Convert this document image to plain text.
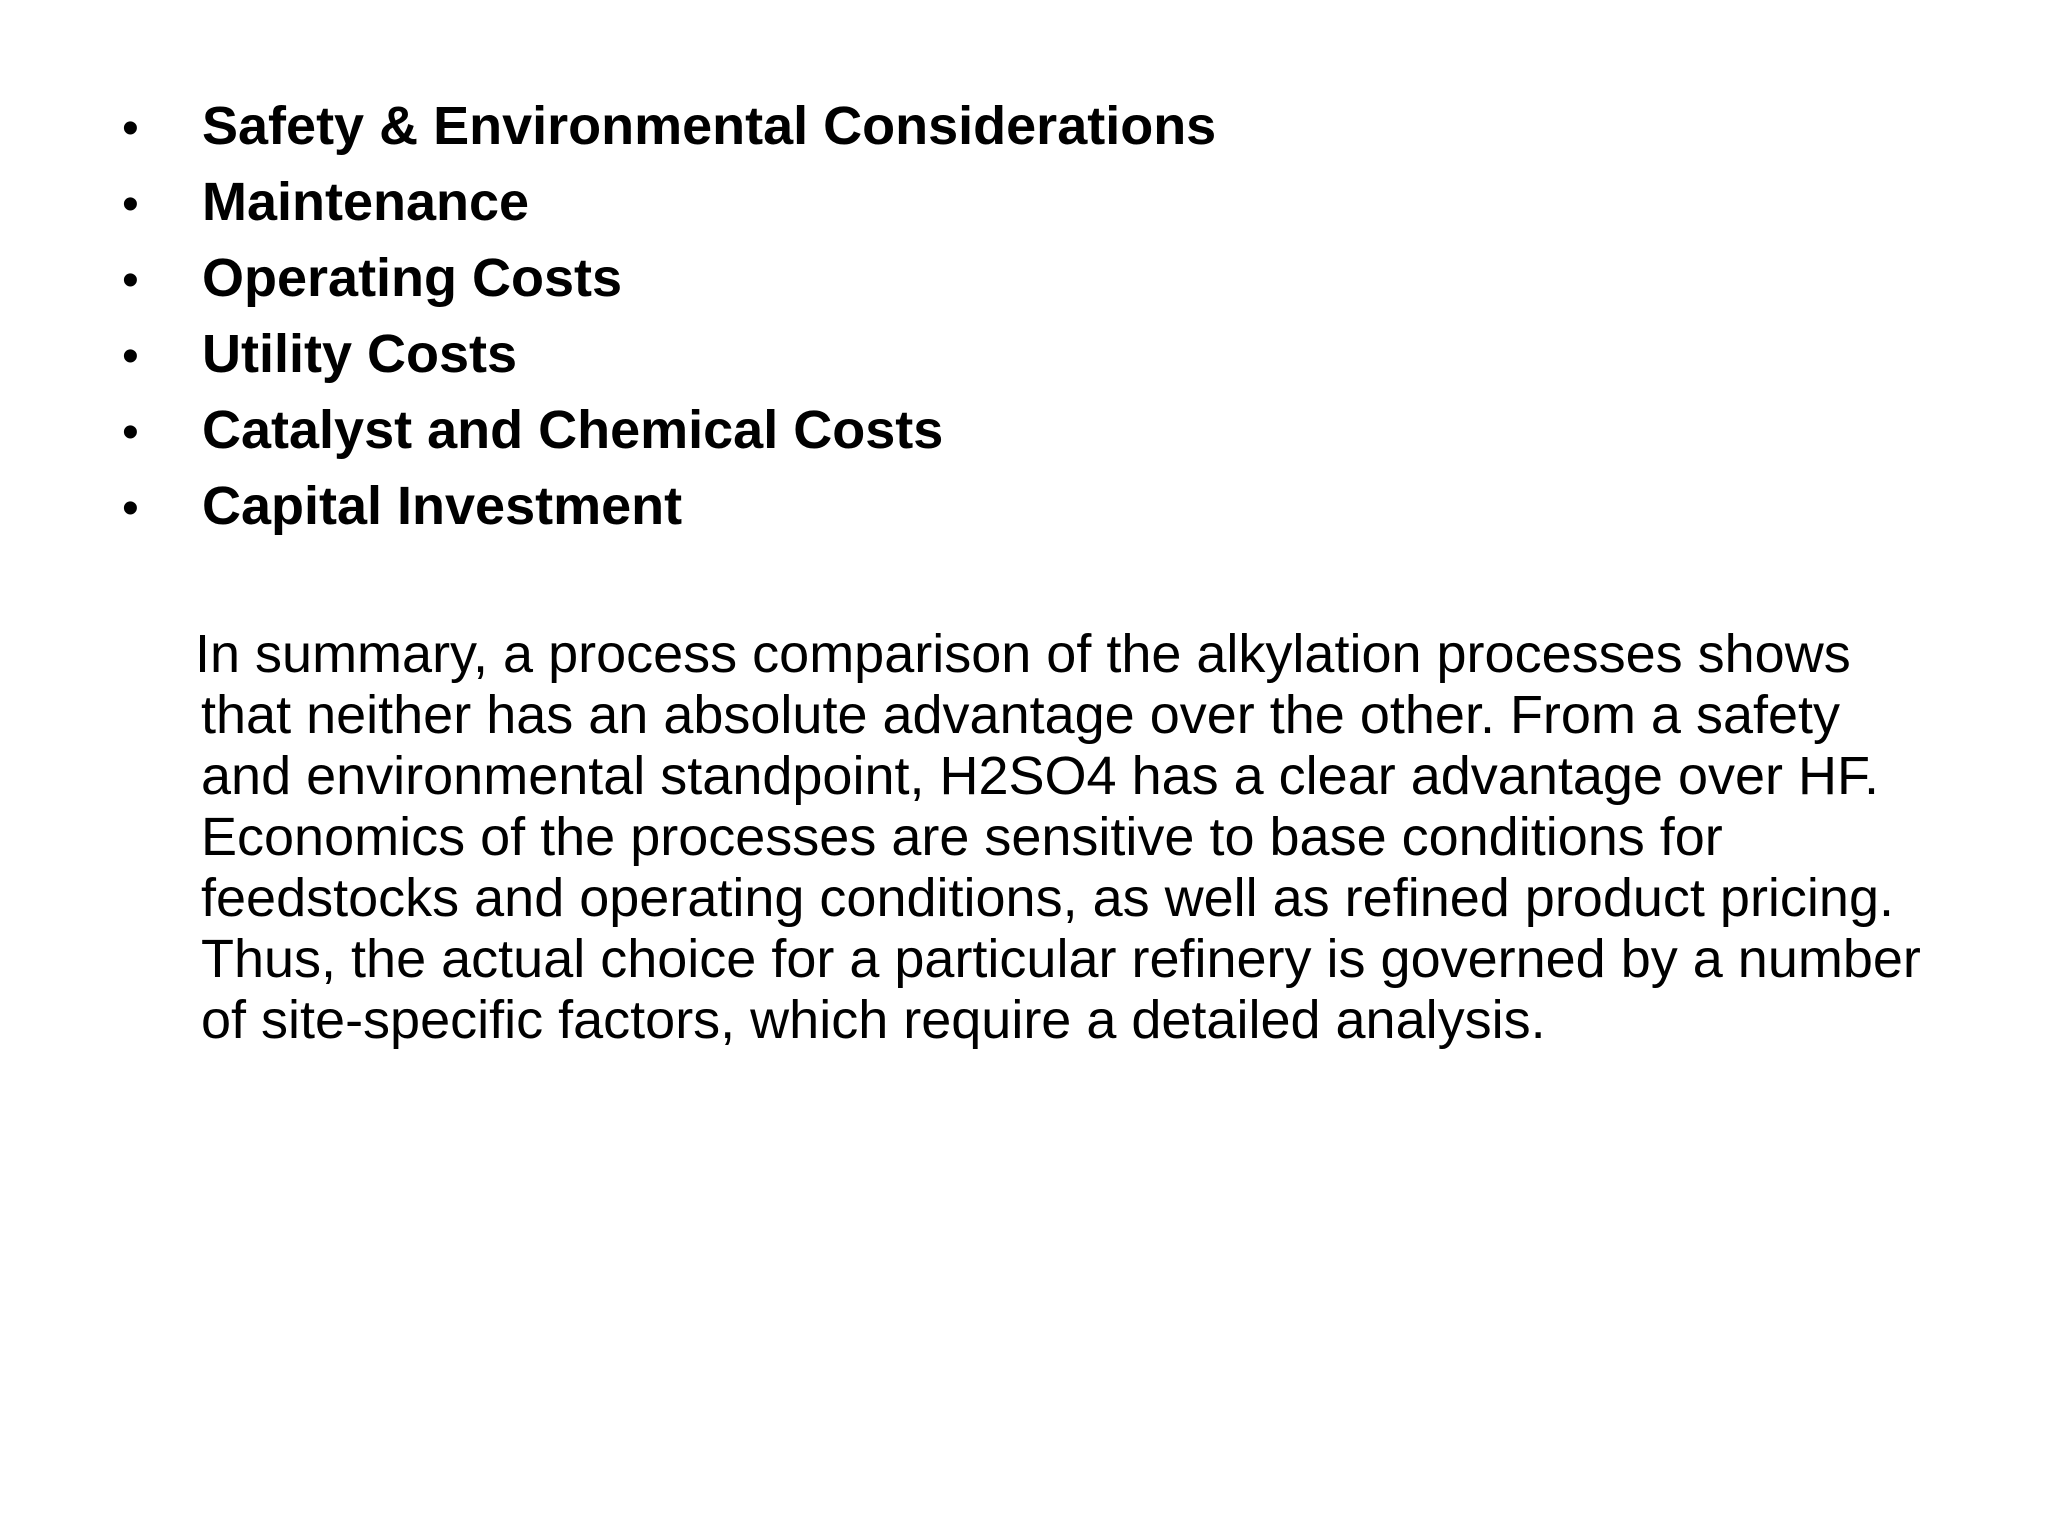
•	Safety & Environmental Considerations
•	Maintenance
•	Operating Costs
•	Utility Costs
•	Catalyst and Chemical Costs
•	Capital Investment

In summary, a process comparison of the alkylation processes shows that neither has an absolute advantage over the other. From a safety and environmental standpoint, H2SO4 has a clear advantage over HF. Economics of the processes are sensitive to base conditions for feedstocks and operating conditions, as well as refined product pricing. Thus, the actual choice for a particular refinery is governed by a number of site-specific factors, which require a detailed analysis.
